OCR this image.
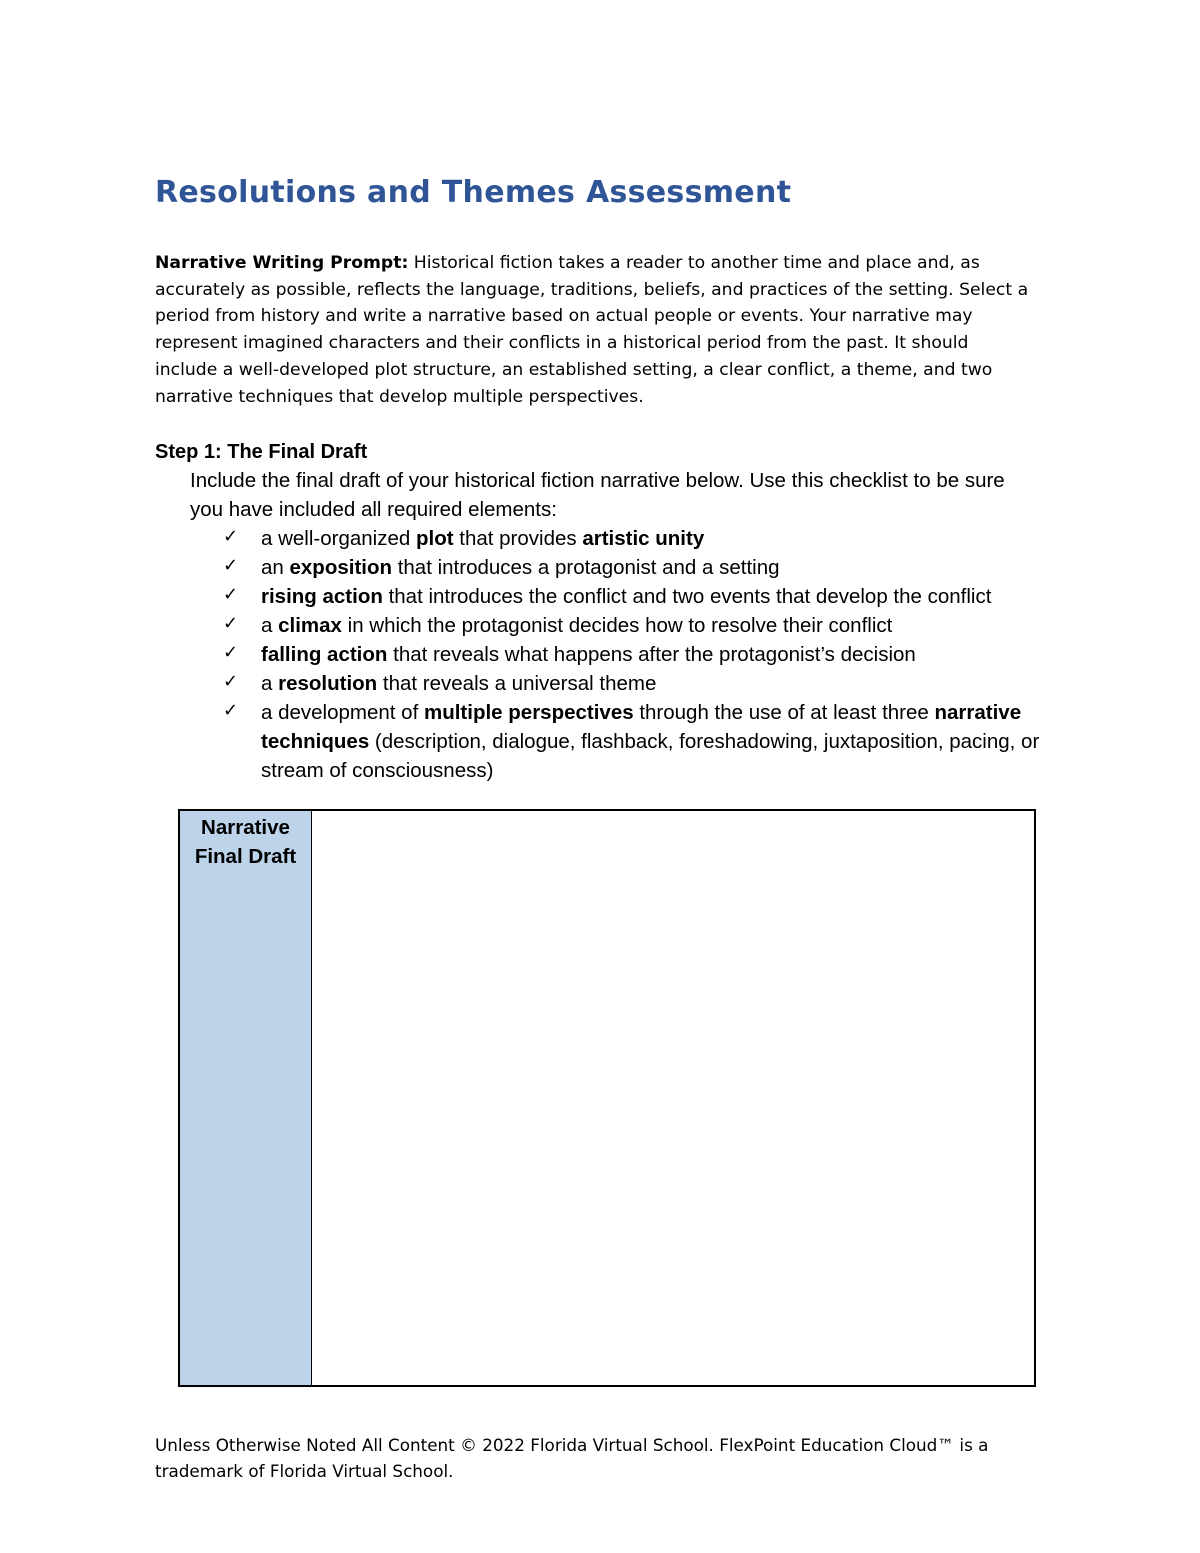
Resolutions and Themes Assessment

Narrative Writing Prompt: Historical fiction takes a reader to another time and place and, as accurately as possible, reflects the language, traditions, beliefs, and practices of the setting. Select a period from history and write a narrative based on actual people or events. Your narrative may represent imagined characters and their conflicts in a historical period from the past. It should include a well-developed plot structure, an established setting, a clear conflict, a theme, and two narrative techniques that develop multiple perspectives.

Step 1: The Final Draft

Include the final draft of your historical fiction narrative below. Use this checklist to be sure you have included all required elements:

✓	a well-organized plot that provides artistic unity
✓	an exposition that introduces a protagonist and a setting
✓	rising action that introduces the conflict and two events that develop the conflict
✓	a climax in which the protagonist decides how to resolve their conflict
✓	falling action that reveals what happens after the protagonist’s decision
✓	a resolution that reveals a universal theme
✓	a development of multiple perspectives through the use of at least three narrative techniques (description, dialogue, flashback, foreshadowing, juxtaposition, pacing, or stream of consciousness)
Narrative
Final Draft

Unless Otherwise Noted All Content © 2022 Florida Virtual School. FlexPoint Education Cloud™ is a trademark of Florida Virtual School.
